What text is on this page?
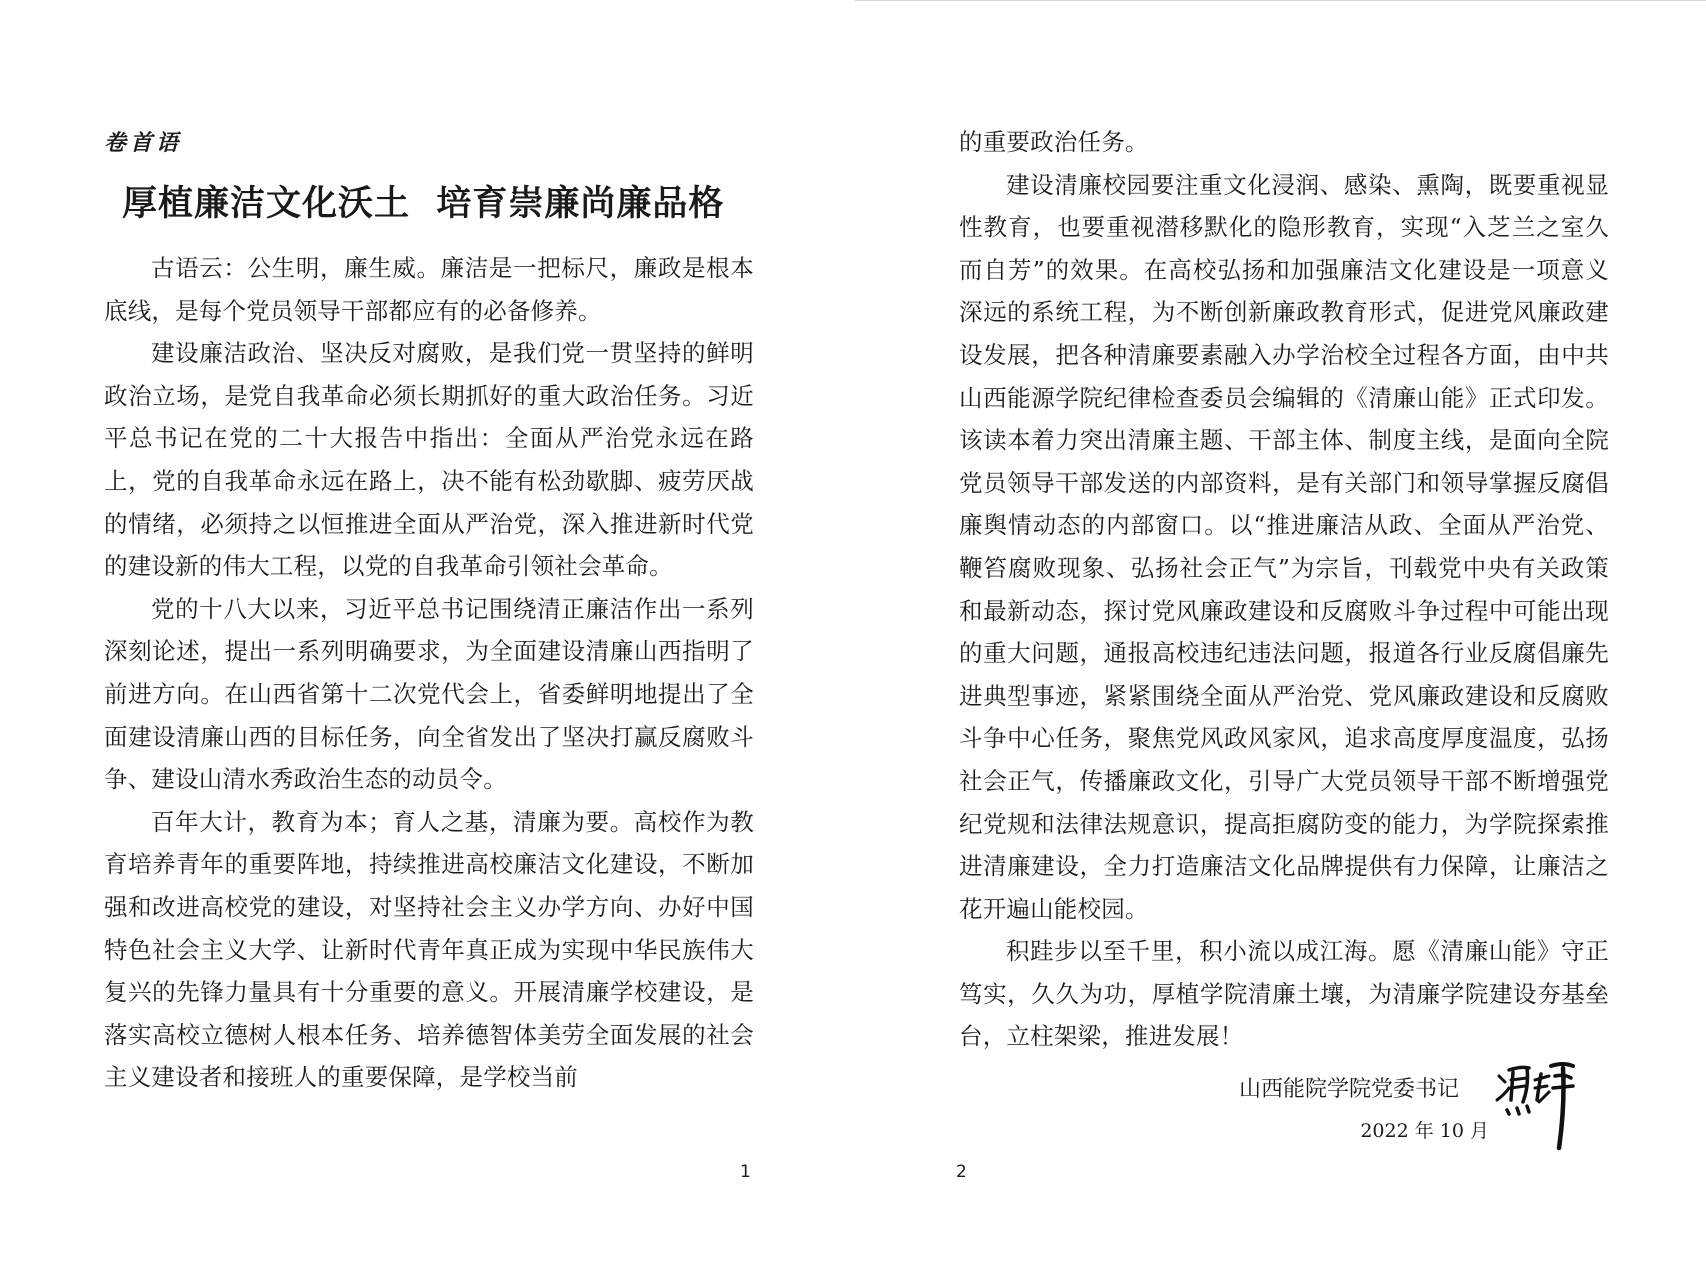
卷首语
厚植廉洁文化沃土  培育崇廉尚廉品格

古语云：公生明，廉生威。廉洁是一把标尺，廉政是根本底线，是每个党员领导干部都应有的必备修养。

建设廉洁政治、坚决反对腐败，是我们党一贯坚持的鲜明政治立场，是党自我革命必须长期抓好的重大政治任务。习近平总书记在党的二十大报告中指出：全面从严治党永远在路上，党的自我革命永远在路上，决不能有松劲歇脚、疲劳厌战的情绪，必须持之以恒推进全面从严治党，深入推进新时代党的建设新的伟大工程，以党的自我革命引领社会革命。

党的十八大以来，习近平总书记围绕清正廉洁作出一系列深刻论述，提出一系列明确要求，为全面建设清廉山西指明了前进方向。在山西省第十二次党代会上，省委鲜明地提出了全面建设清廉山西的目标任务，向全省发出了坚决打赢反腐败斗争、建设山清水秀政治生态的动员令。

百年大计，教育为本；育人之基，清廉为要。高校作为教育培养青年的重要阵地，持续推进高校廉洁文化建设，不断加强和改进高校党的建设，对坚持社会主义办学方向、办好中国特色社会主义大学、让新时代青年真正成为实现中华民族伟大复兴的先锋力量具有十分重要的意义。开展清廉学校建设，是落实高校立德树人根本任务、培养德智体美劳全面发展的社会主义建设者和接班人的重要保障，是学校当前

1

的重要政治任务。

建设清廉校园要注重文化浸润、感染、熏陶，既要重视显性教育，也要重视潜移默化的隐形教育，实现“入芝兰之室久而自芳”的效果。在高校弘扬和加强廉洁文化建设是一项意义深远的系统工程，为不断创新廉政教育形式，促进党风廉政建设发展，把各种清廉要素融入办学治校全过程各方面，由中共山西能源学院纪律检查委员会编辑的《清廉山能》正式印发。该读本着力突出清廉主题、干部主体、制度主线，是面向全院党员领导干部发送的内部资料，是有关部门和领导掌握反腐倡廉舆情动态的内部窗口。以“推进廉洁从政、全面从严治党、鞭笞腐败现象、弘扬社会正气”为宗旨，刊载党中央有关政策和最新动态，探讨党风廉政建设和反腐败斗争过程中可能出现的重大问题，通报高校违纪违法问题，报道各行业反腐倡廉先进典型事迹，紧紧围绕全面从严治党、党风廉政建设和反腐败斗争中心任务，聚焦党风政风家风，追求高度厚度温度，弘扬社会正气，传播廉政文化，引导广大党员领导干部不断增强党纪党规和法律法规意识，提高拒腐防变的能力，为学院探索推进清廉建设，全力打造廉洁文化品牌提供有力保障，让廉洁之花开遍山能校园。

积跬步以至千里，积小流以成江海。愿《清廉山能》守正笃实，久久为功，厚植学院清廉土壤，为清廉学院建设夯基垒台，立柱架梁，推进发展！

山西能院学院党委书记
2022 年 10 月
2
